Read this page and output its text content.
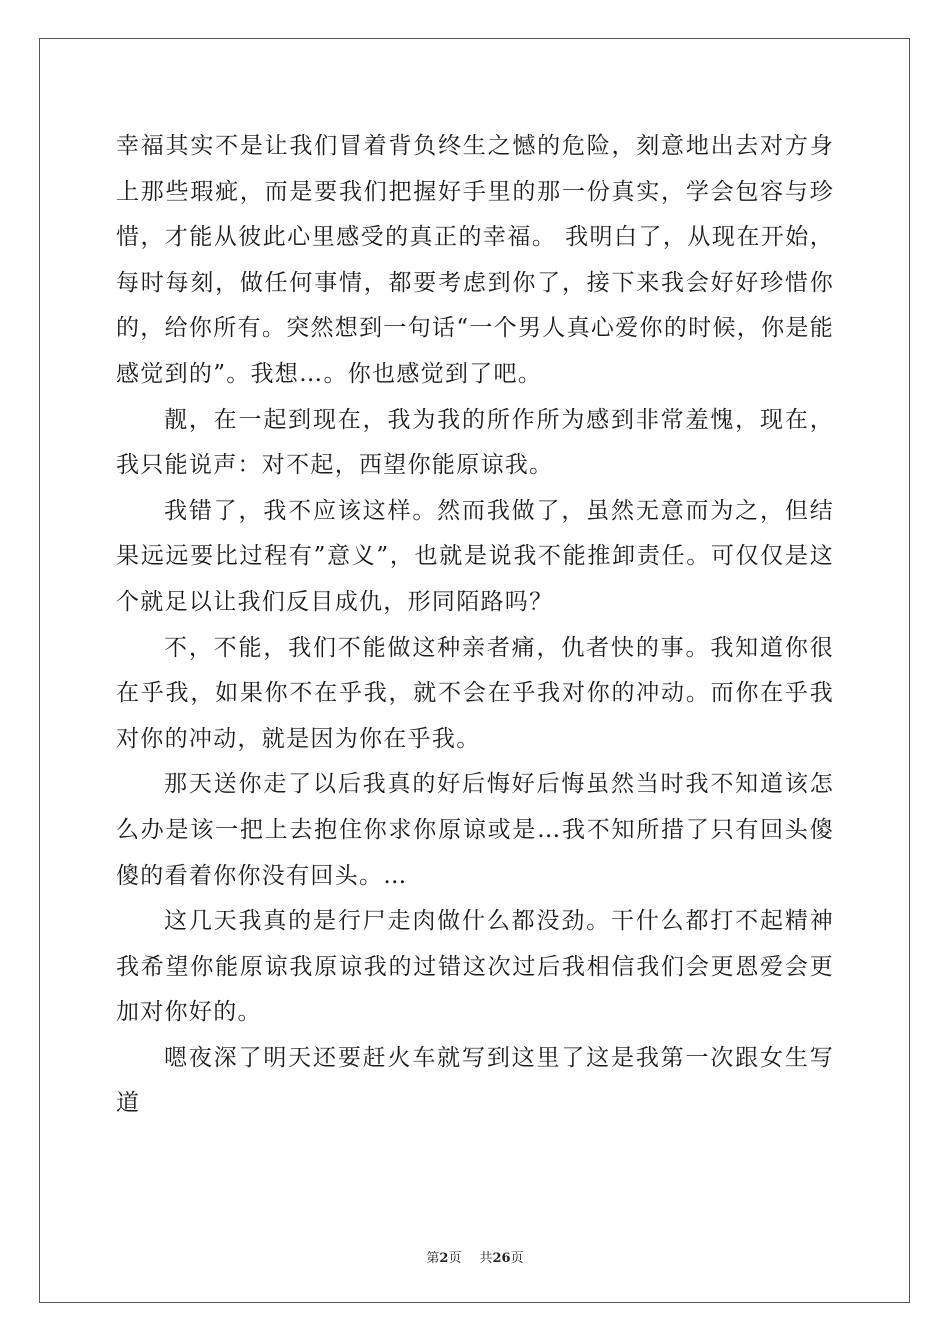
幸福其实不是让我们冒着背负终生之憾的危险，刻意地出去对方身上那些瑕疵，而是要我们把握好手里的那一份真实，学会包容与珍惜，才能从彼此心里感受的真正的幸福。 我明白了，从现在开始，每时每刻，做任何事情，都要考虑到你了，接下来我会好好珍惜你的，给你所有。突然想到一句话“一个男人真心爱你的时候，你是能感觉到的”。我想…。你也感觉到了吧。

靓，在一起到现在，我为我的所作所为感到非常羞愧，现在，我只能说声：对不起，西望你能原谅我。

我错了，我不应该这样。然而我做了，虽然无意而为之，但结果远远要比过程有”意义”，也就是说我不能推卸责任。可仅仅是这个就足以让我们反目成仇，形同陌路吗？

不，不能，我们不能做这种亲者痛，仇者快的事。我知道你很在乎我，如果你不在乎我，就不会在乎我对你的冲动。而你在乎我对你的冲动，就是因为你在乎我。

那天送你走了以后我真的好后悔好后悔虽然当时我不知道该怎么办是该一把上去抱住你求你原谅或是…我不知所措了只有回头傻傻的看着你你没有回头。…

这几天我真的是行尸走肉做什么都没劲。干什么都打不起精神我希望你能原谅我原谅我的过错这次过后我相信我们会更恩爱会更加对你好的。

嗯夜深了明天还要赶火车就写到这里了这是我第一次跟女生写道

第2页 共26页
